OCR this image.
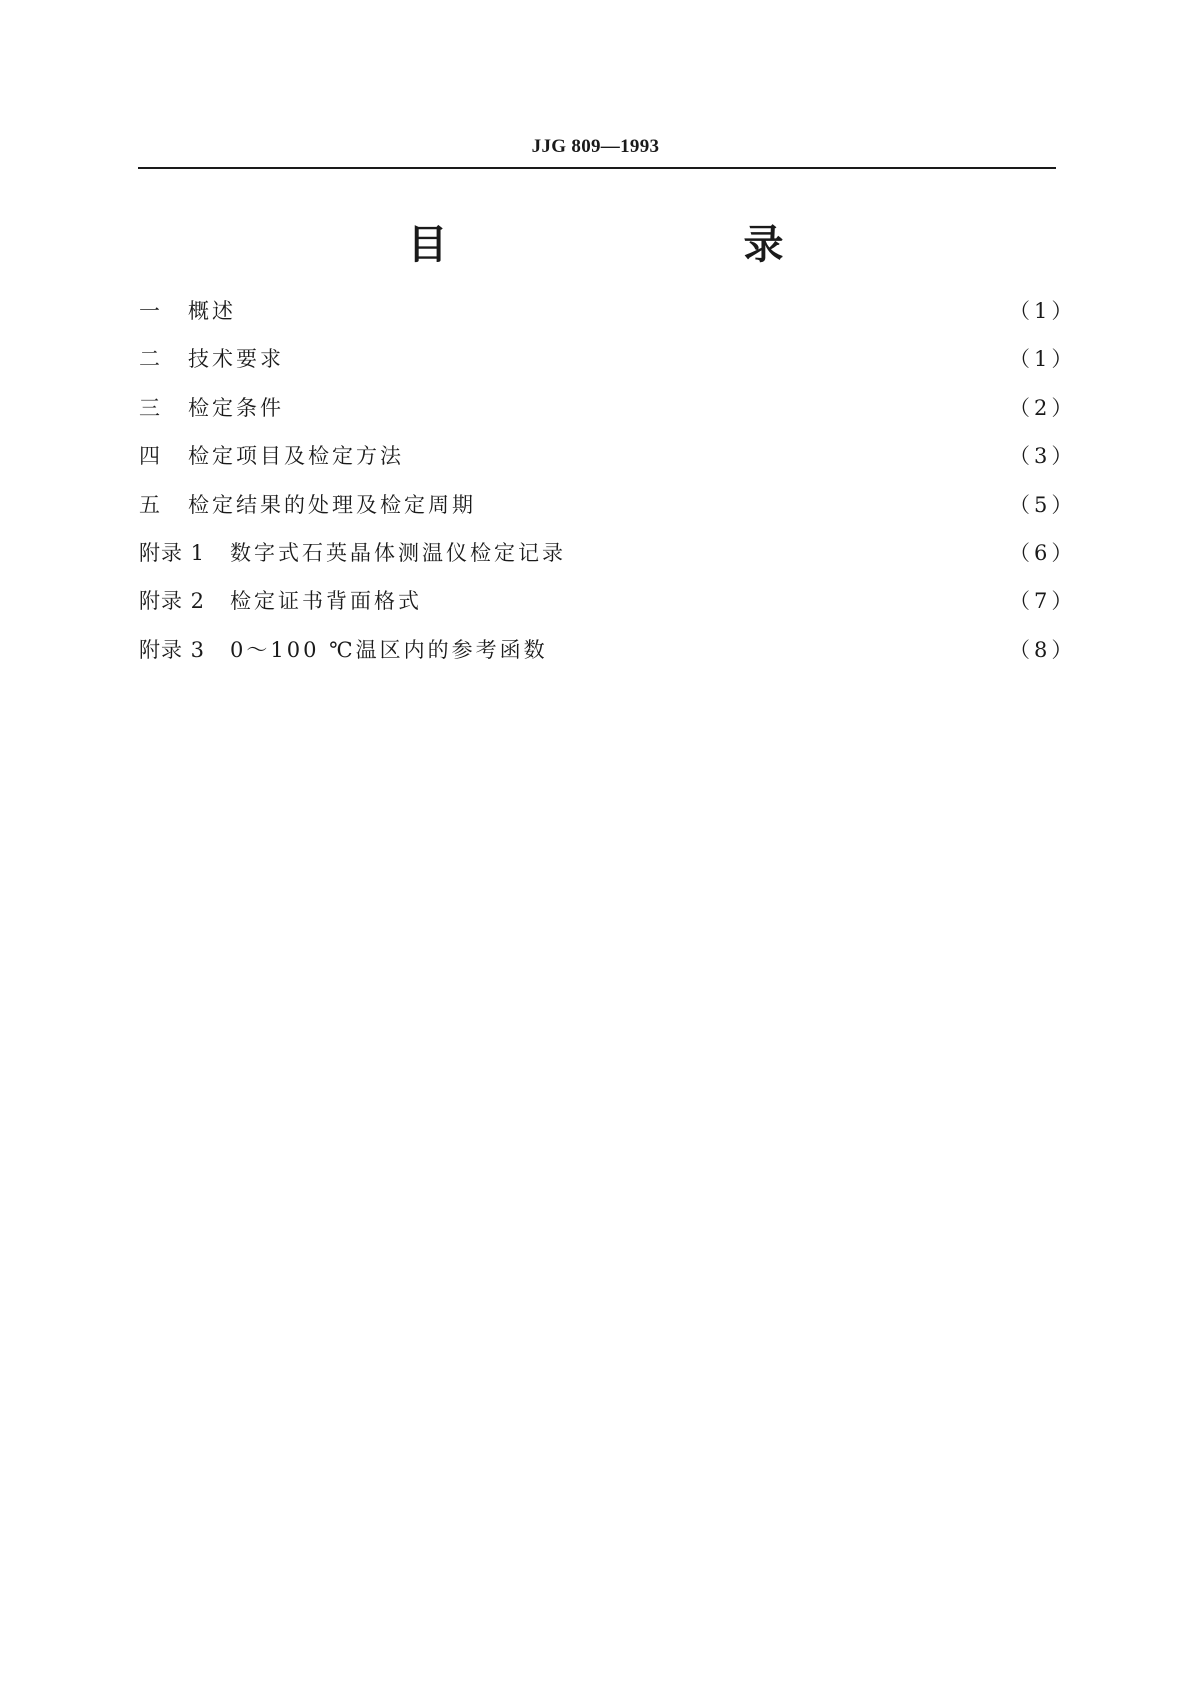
JJG 809—1993
目　　录
一	概述	（1）
二	技术要求	（1）
三	检定条件	（2）
四	检定项目及检定方法	（3）
五	检定结果的处理及检定周期	（5）
附录 1	数字式石英晶体测温仪检定记录	（6）
附录 2	检定证书背面格式	（7）
附录 3	0～100 ℃温区内的参考函数	（8）
